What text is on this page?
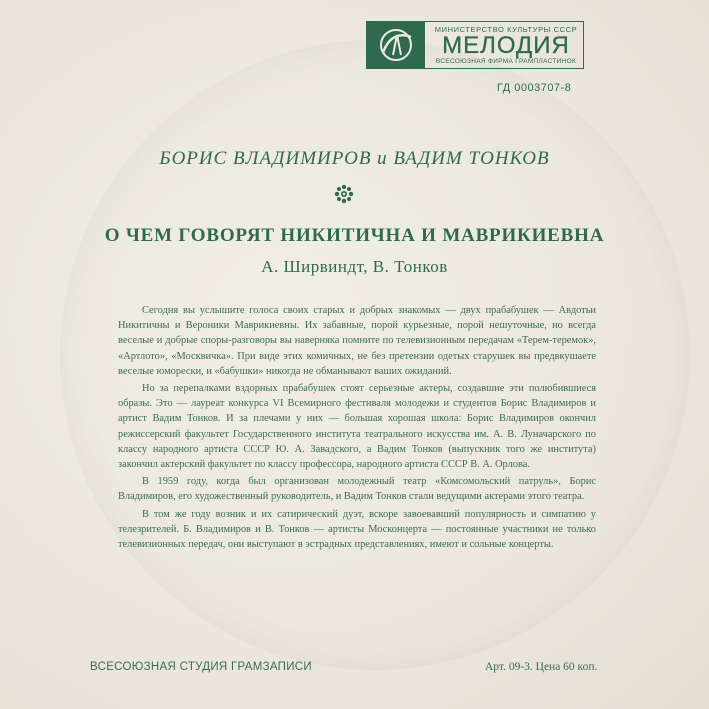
МИНИСТЕРСТВО КУЛЬТУРЫ СССР
МЕЛОДИЯ
ВСЕСОЮЗНАЯ ФИРМА ГРАМПЛАСТИНОК
ГД 0003707-8
БОРИС ВЛАДИМИРОВ и ВАДИМ ТОНКОВ
О ЧЕМ ГОВОРЯТ НИКИТИЧНА И МАВРИКИЕВНА
А. Ширвиндт, В. Тонков

Сегодня вы услышите голоса своих старых и добрых знакомых — двух прабабушек — Авдотьи Никитичны и Вероники Маврикиевны. Их забавные, порой курьезные, порой нешуточные, но всегда веселые и добрые споры-разговоры вы наверняка помните по телевизионным передачам «Терем-теремок», «Артлото», «Москвичка». При виде этих комичных, не без претензии одетых старушек вы предвкушаете веселые юморески, и «бабушки» никогда не обманывают ваших ожиданий.

Но за перепалками вздорных прабабушек стоят серьезные актеры, создавшие эти полюбившиеся образы. Это — лауреат конкурса VI Всемирного фестиваля молодежи и студентов Борис Владимиров и артист Вадим Тонков. И за плечами у них — большая хорошая школа: Борис Владимиров окончил режиссерский факультет Государственного института театрального искусства им. А. В. Луначарского по классу народного артиста СССР Ю. А. Завадского, а Вадим Тонков (выпускник того же института) закончил актерский факультет по классу профессора, народного артиста СССР В. А. Орлова.

В 1959 году, когда был организован молодежный театр «Комсомольский патруль», Борис Владимиров, его художественный руководитель, и Вадим Тонков стали ведущими актерами этого театра.

В том же году возник и их сатирический дуэт, вскоре завоевавший популярность и симпатию у телезрителей. Б. Владимиров и В. Тонков — артисты Москонцерта — постоянные участники не только телевизионных передач, они выступают в эстрадных представлениях, имеют и сольные концерты.

ВСЕСОЮЗНАЯ СТУДИЯ ГРАМЗАПИСИ	Арт. 09-3. Цена 60 коп.
